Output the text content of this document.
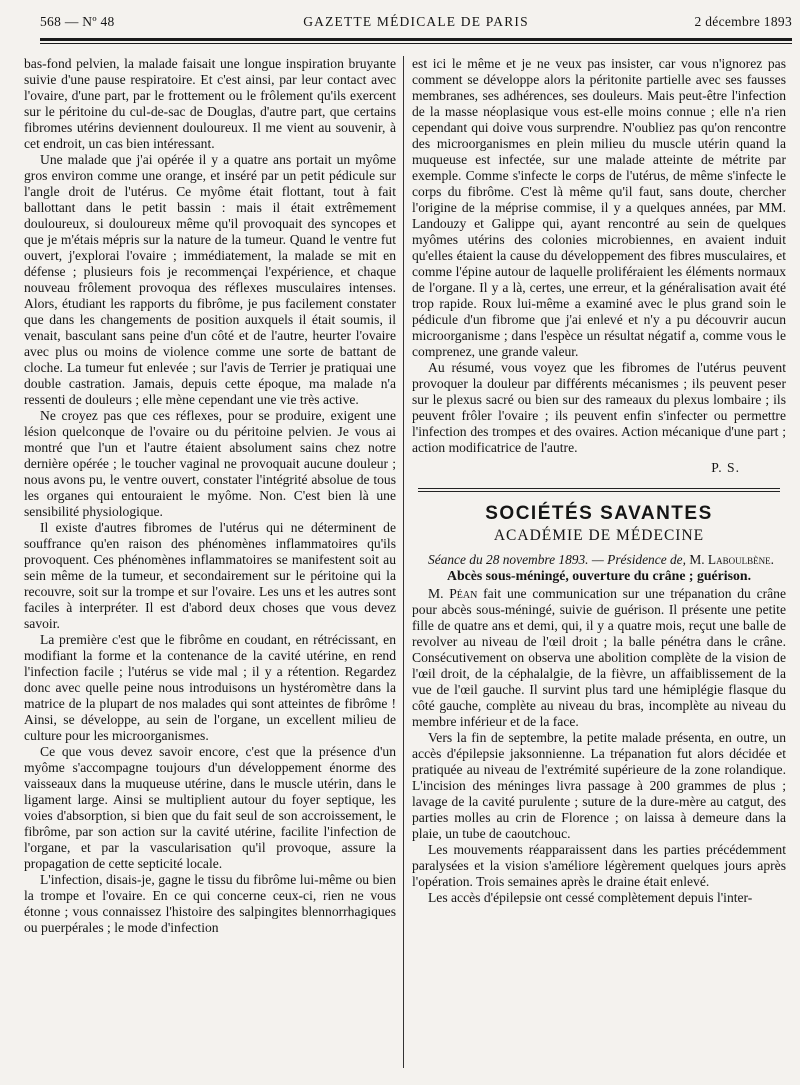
568 — Nº 48	GAZETTE MÉDICALE DE PARIS	2 décembre 1893

bas-fond pelvien, la malade faisait une longue inspiration bruyante suivie d'une pause respiratoire. Et c'est ainsi, par leur contact avec l'ovaire, d'une part, par le frottement ou le frôlement qu'ils exercent sur le péritoine du cul-de-sac de Douglas, d'autre part, que certains fibromes utérins deviennent douloureux. Il me vient au souvenir, à cet endroit, un cas bien intéressant.

Une malade que j'ai opérée il y a quatre ans portait un myôme gros environ comme une orange, et inséré par un petit pédicule sur l'angle droit de l'utérus. Ce myôme était flottant, tout à fait ballottant dans le petit bassin : mais il était extrêmement douloureux, si douloureux même qu'il provoquait des syncopes et que je m'étais mépris sur la nature de la tumeur. Quand le ventre fut ouvert, j'explorai l'ovaire ; immédiatement, la malade se mit en défense ; plusieurs fois je recommençai l'expérience, et chaque nouveau frôlement provoqua des réflexes musculaires intenses. Alors, étudiant les rapports du fibrôme, je pus facilement constater que dans les changements de position auxquels il était soumis, il venait, basculant sans peine d'un côté et de l'autre, heurter l'ovaire avec plus ou moins de violence comme une sorte de battant de cloche. La tumeur fut enlevée ; sur l'avis de Terrier je pratiquai une double castration. Jamais, depuis cette époque, ma malade n'a ressenti de douleurs ; elle mène cependant une vie très active.

Ne croyez pas que ces réflexes, pour se produire, exigent une lésion quelconque de l'ovaire ou du péritoine pelvien. Je vous ai montré que l'un et l'autre étaient absolument sains chez notre dernière opérée ; le toucher vaginal ne provoquait aucune douleur ; nous avons pu, le ventre ouvert, constater l'intégrité absolue de tous les organes qui entouraient le myôme. Non. C'est bien là une sensibilité physiologique.

Il existe d'autres fibromes de l'utérus qui ne déterminent de souffrance qu'en raison des phénomènes inflammatoires qu'ils provoquent. Ces phénomènes inflammatoires se manifestent soit au sein même de la tumeur, et secondairement sur le péritoine qui la recouvre, soit sur la trompe et sur l'ovaire. Les uns et les autres sont faciles à interpréter. Il est d'abord deux choses que vous devez savoir.

La première c'est que le fibrôme en coudant, en rétrécissant, en modifiant la forme et la contenance de la cavité utérine, en rend l'infection facile ; l'utérus se vide mal ; il y a rétention. Regardez donc avec quelle peine nous introduisons un hystéromètre dans la matrice de la plupart de nos malades qui sont atteintes de fibrôme ! Ainsi, se développe, au sein de l'organe, un excellent milieu de culture pour les microorganismes.

Ce que vous devez savoir encore, c'est que la présence d'un myôme s'accompagne toujours d'un développement énorme des vaisseaux dans la muqueuse utérine, dans le muscle utérin, dans le ligament large. Ainsi se multiplient autour du foyer septique, les voies d'absorption, si bien que du fait seul de son accroissement, le fibrôme, par son action sur la cavité utérine, facilite l'infection de l'organe, et par la vascularisation qu'il provoque, assure la propagation de cette septicité locale.

L'infection, disais-je, gagne le tissu du fibrôme lui-même ou bien la trompe et l'ovaire. En ce qui concerne ceux-ci, rien ne vous étonne ; vous connaissez l'histoire des salpingites blennorrhagiques ou puerpérales ; le mode d'infection

est ici le même et je ne veux pas insister, car vous n'ignorez pas comment se développe alors la péritonite partielle avec ses fausses membranes, ses adhérences, ses douleurs. Mais peut-être l'infection de la masse néoplasique vous est-elle moins connue ; elle n'a rien cependant qui doive vous surprendre. N'oubliez pas qu'on rencontre des microorganismes en plein milieu du muscle utérin quand la muqueuse est infectée, sur une malade atteinte de métrite par exemple. Comme s'infecte le corps de l'utérus, de même s'infecte le corps du fibrôme. C'est là même qu'il faut, sans doute, chercher l'origine de la méprise commise, il y a quelques années, par MM. Landouzy et Galippe qui, ayant rencontré au sein de quelques myômes utérins des colonies microbiennes, en avaient induit qu'elles étaient la cause du développement des fibres musculaires, et comme l'épine autour de laquelle proliféraient les éléments normaux de l'organe. Il y a là, certes, une erreur, et la généralisation avait été trop rapide. Roux lui-même a examiné avec le plus grand soin le pédicule d'un fibrome que j'ai enlevé et n'y a pu découvrir aucun microorganisme ; dans l'espèce un résultat négatif a, comme vous le comprenez, une grande valeur.

Au résumé, vous voyez que les fibromes de l'utérus peuvent provoquer la douleur par différents mécanismes ; ils peuvent peser sur le plexus sacré ou bien sur des rameaux du plexus lombaire ; ils peuvent frôler l'ovaire ; ils peuvent enfin s'infecter ou permettre l'infection des trompes et des ovaires. Action mécanique d'une part ; action modificatrice de l'autre.

P. S.
SOCIÉTÉS SAVANTES
ACADÉMIE DE MÉDECINE

Séance du 28 novembre 1893. — Présidence de, M. Laboulbène.

Abcès sous-méningé, ouverture du crâne ; guérison.

M. Péan fait une communication sur une trépanation du crâne pour abcès sous-méningé, suivie de guérison. Il présente une petite fille de quatre ans et demi, qui, il y a quatre mois, reçut une balle de revolver au niveau de l'œil droit ; la balle pénétra dans le crâne. Consécutivement on observa une abolition complète de la vision de l'œil droit, de la céphalalgie, de la fièvre, un affaiblissement de la vue de l'œil gauche. Il survint plus tard une hémiplégie flasque du côté gauche, complète au niveau du bras, incomplète au niveau du membre inférieur et de la face.

Vers la fin de septembre, la petite malade présenta, en outre, un accès d'épilepsie jaksonnienne. La trépanation fut alors décidée et pratiquée au niveau de l'extrémité supérieure de la zone rolandique. L'incision des méninges livra passage à 200 grammes de plus ; lavage de la cavité purulente ; suture de la dure-mère au catgut, des parties molles au crin de Florence ; on laissa à demeure dans la plaie, un tube de caoutchouc.

Les mouvements réapparaissent dans les parties précédemment paralysées et la vision s'améliore légèrement quelques jours après l'opération. Trois semaines après le draine était enlevé.

Les accès d'épilepsie ont cessé complètement depuis l'inter-
